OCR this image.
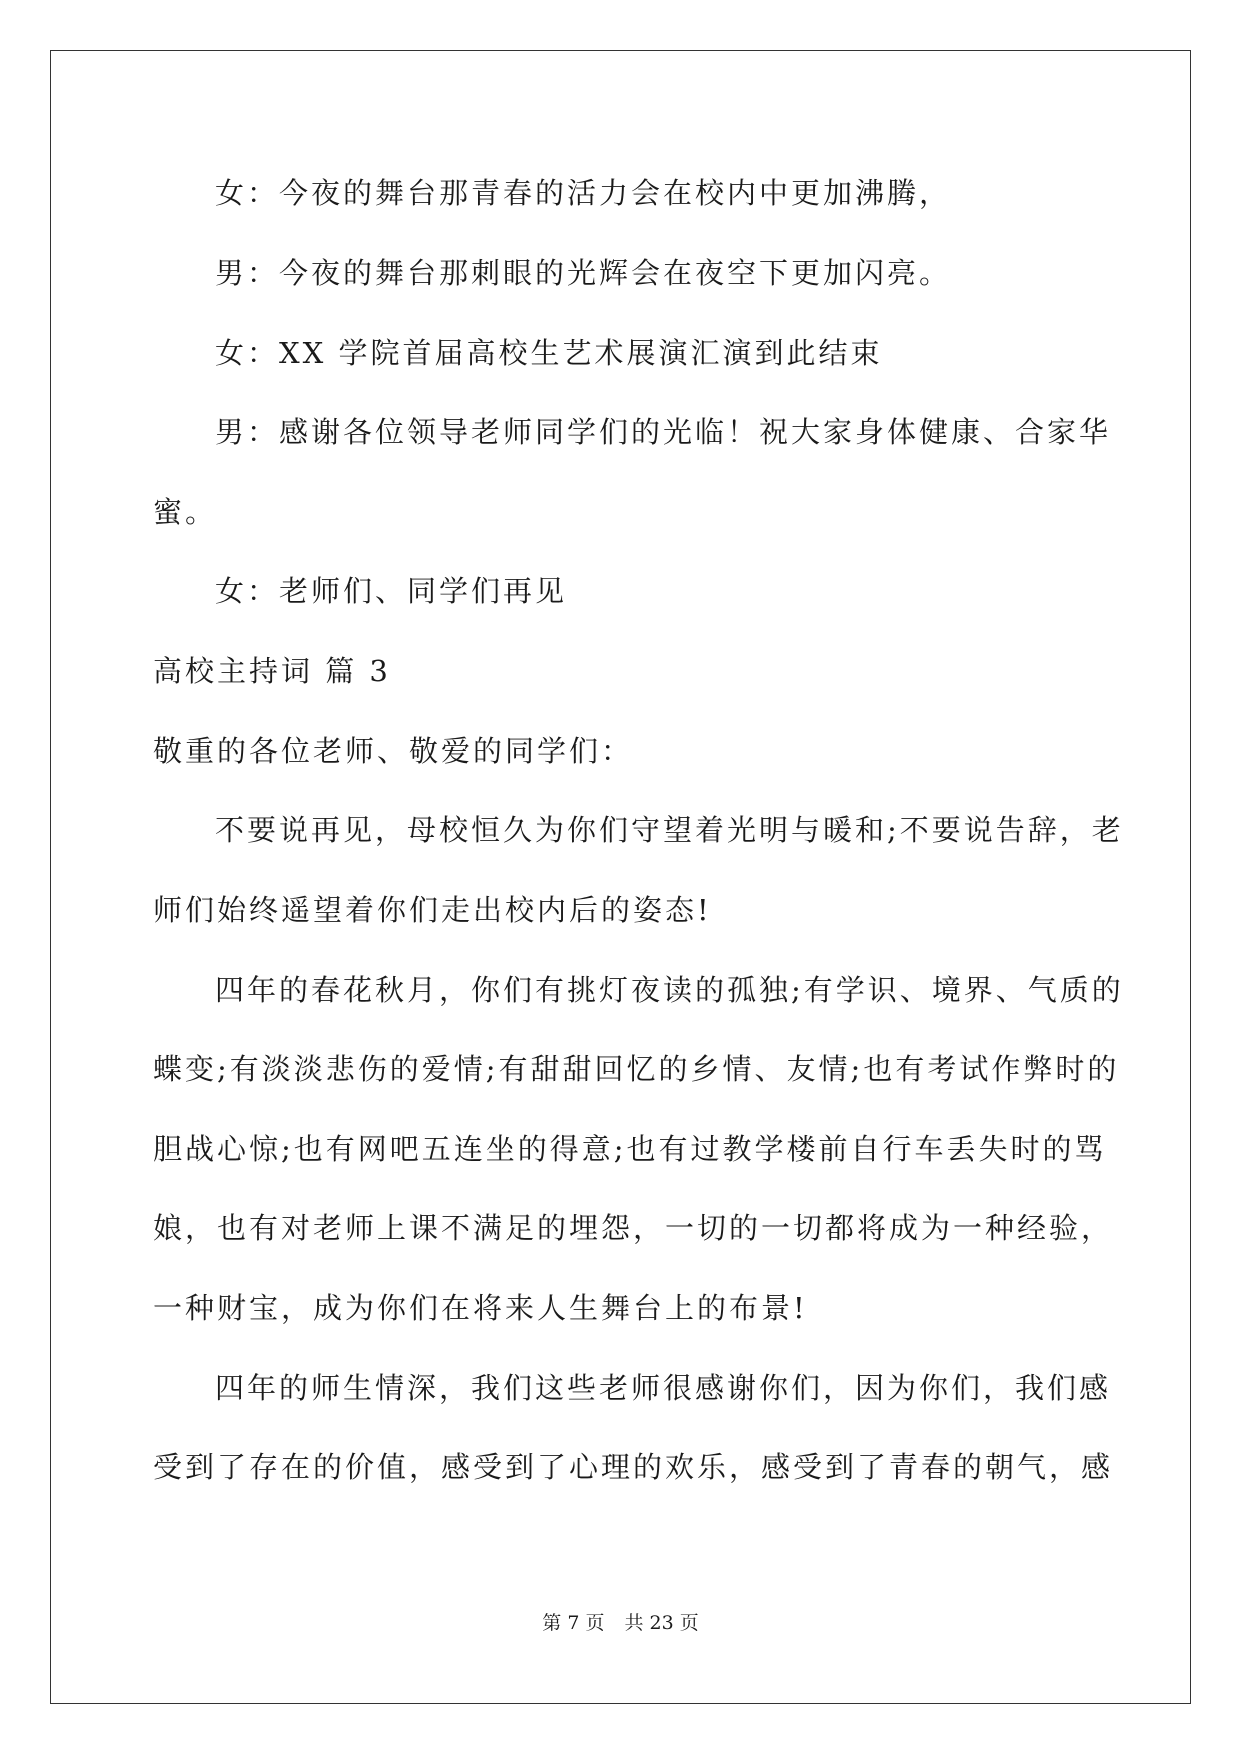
女：今夜的舞台那青春的活力会在校内中更加沸腾，
男：今夜的舞台那刺眼的光辉会在夜空下更加闪亮。
女：XX 学院首届高校生艺术展演汇演到此结束
男：感谢各位领导老师同学们的光临！祝大家身体健康、合家华
蜜。
女：老师们、同学们再见
高校主持词 篇 3
敬重的各位老师、敬爱的同学们：
不要说再见，母校恒久为你们守望着光明与暖和;不要说告辞，老
师们始终遥望着你们走出校内后的姿态!
四年的春花秋月，你们有挑灯夜读的孤独;有学识、境界、气质的
蝶变;有淡淡悲伤的爱情;有甜甜回忆的乡情、友情;也有考试作弊时的
胆战心惊;也有网吧五连坐的得意;也有过教学楼前自行车丢失时的骂
娘，也有对老师上课不满足的埋怨，一切的一切都将成为一种经验，
一种财宝，成为你们在将来人生舞台上的布景!
四年的师生情深，我们这些老师很感谢你们，因为你们，我们感
受到了存在的价值，感受到了心理的欢乐，感受到了青春的朝气，感
第 7 页 共 23 页
